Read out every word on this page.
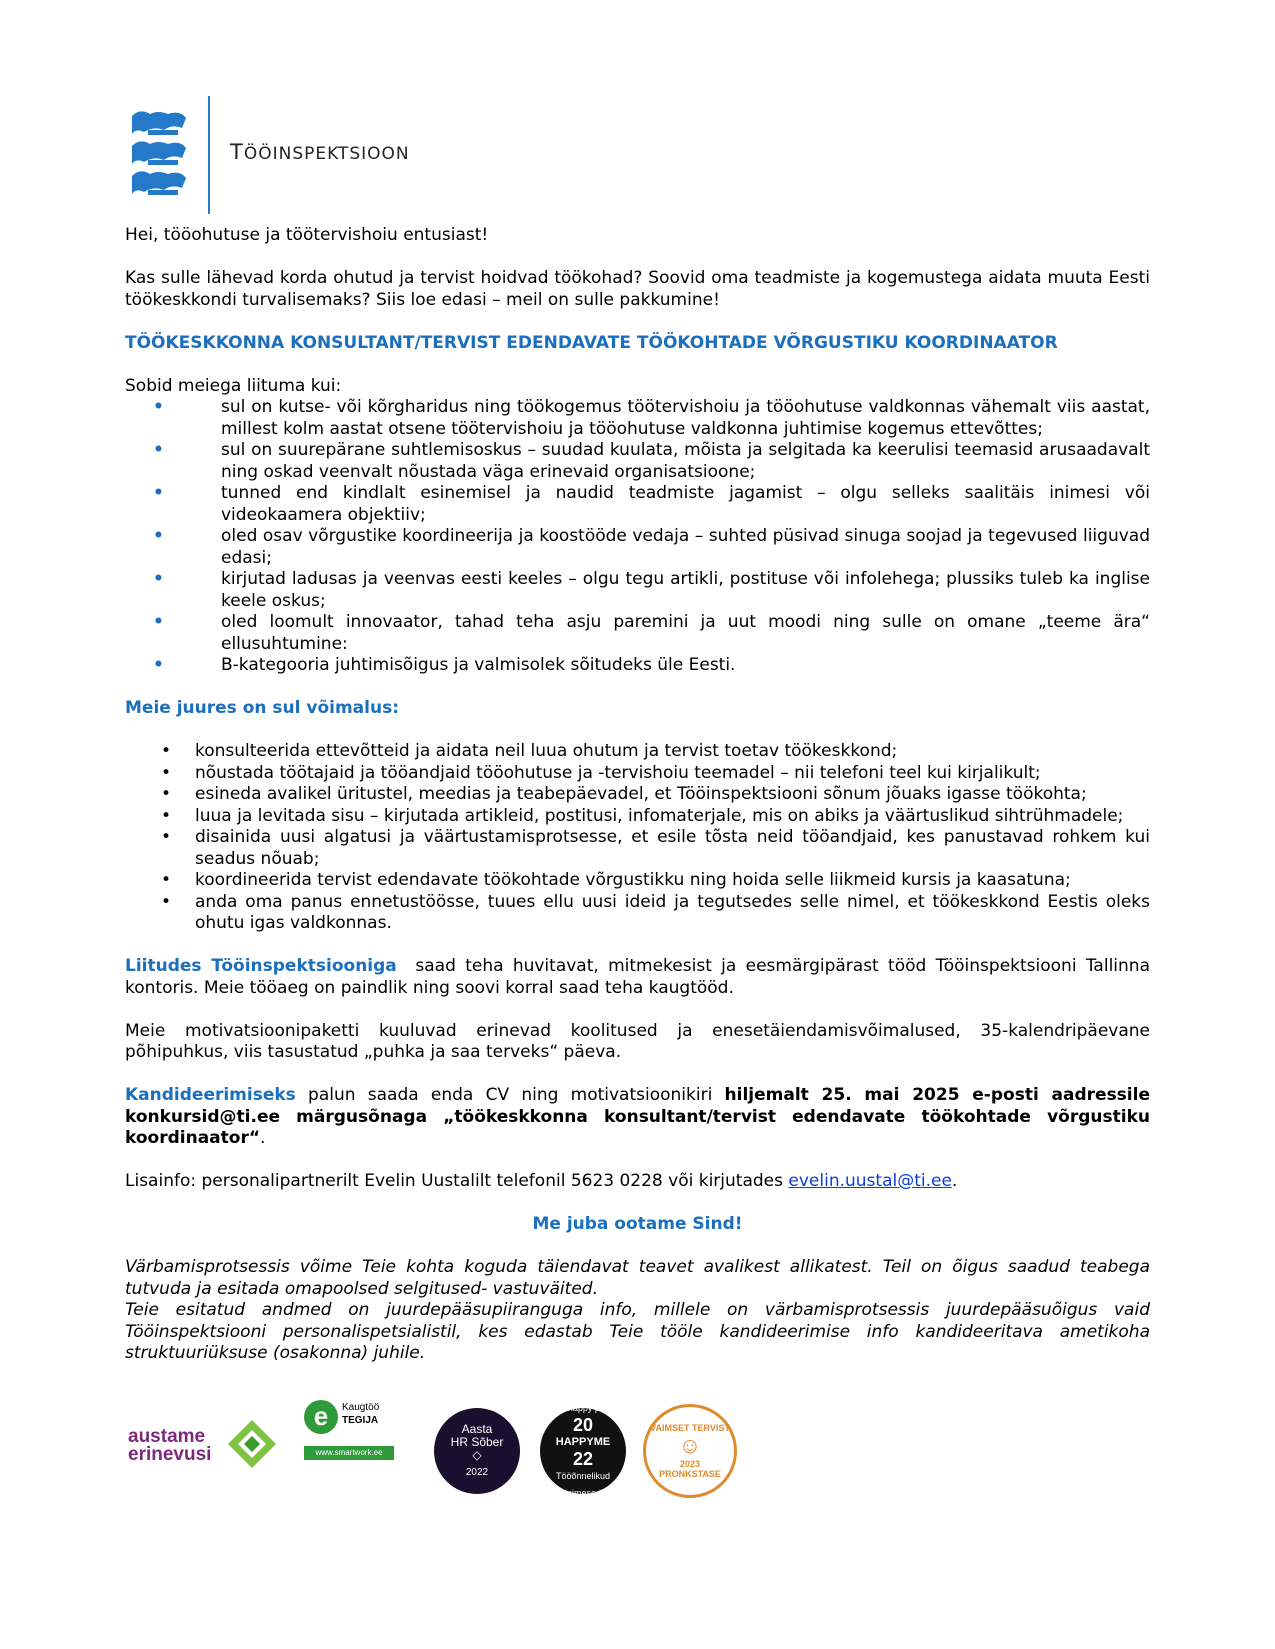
TÖÖINSPEKTSIOON

Hei, tööohutuse ja töötervishoiu entusiast!

Kas sulle lähevad korda ohutud ja tervist hoidvad töökohad? Soovid oma teadmiste ja kogemustega aidata muuta Eesti töökeskkondi turvalisemaks? Siis loe edasi – meil on sulle pakkumine!

TÖÖKESKKONNA KONSULTANT/TERVIST EDENDAVATE TÖÖKOHTADE VÕRGUSTIKU KOORDINAATOR

Sobid meiega liituma kui:

•	sul on kutse- või kõrgharidus ning töökogemus töötervishoiu ja tööohutuse valdkonnas vähemalt viis aastat, millest kolm aastat otsene töötervishoiu ja tööohutuse valdkonna juhtimise kogemus ettevõttes;
•	sul on suurepärane suhtlemisoskus – suudad kuulata, mõista ja selgitada ka keerulisi teemasid arusaadavalt ning oskad veenvalt nõustada väga erinevaid organisatsioone;
•	tunned end kindlalt esinemisel ja naudid teadmiste jagamist – olgu selleks saalitäis inimesi või videokaamera objektiiv;
•	oled osav võrgustike koordineerija ja koostööde vedaja – suhted püsivad sinuga soojad ja tegevused liiguvad edasi;
•	kirjutad ladusas ja veenvas eesti keeles – olgu tegu artikli, postituse või infolehega; plussiks tuleb ka inglise keele oskus;
•	oled loomult innovaator, tahad teha asju paremini ja uut moodi ning sulle on omane „teeme ära“ ellusuhtumine:
•	B-kategooria juhtimisõigus ja valmisolek sõitudeks üle Eesti.

Meie juures on sul võimalus:

• konsulteerida ettevõtteid ja aidata neil luua ohutum ja tervist toetav töökeskkond;
• nõustada töötajaid ja tööandjaid tööohutuse ja -tervishoiu teemadel – nii telefoni teel kui kirjalikult;
• esineda avalikel üritustel, meedias ja teabepäevadel, et Tööinspektsiooni sõnum jõuaks igasse töökohta;
• luua ja levitada sisu – kirjutada artikleid, postitusi, infomaterjale, mis on abiks ja väärtuslikud sihtrühmadele;
• disainida uusi algatusi ja väärtustamisprotsesse, et esile tõsta neid tööandjaid, kes panustavad rohkem kui seadus nõuab;
• koordineerida tervist edendavate töökohtade võrgustikku ning hoida selle liikmeid kursis ja kaasatuna;
• anda oma panus ennetustöösse, tuues ellu uusi ideid ja tegutsedes selle nimel, et töökeskkond Eestis oleks ohutu igas valdkonnas.

Liitudes Tööinspektsiooniga  saad teha huvitavat, mitmekesist ja eesmärgipärast tööd Tööinspektsiooni Tallinna kontoris. Meie tööaeg on paindlik ning soovi korral saad teha kaugtööd.

Meie motivatsioonipaketti kuuluvad erinevad koolitused ja enesetäiendamisvõimalused, 35-kalendripäevane põhipuhkus, viis tasustatud „puhka ja saa terveks“ päeva.

Kandideerimiseks palun saada enda CV ning motivatsioonikiri hiljemalt 25. mai 2025 e-posti aadressile konkursid@ti.ee märgusõnaga „töökeskkonna konsultant/tervist edendavate töökohtade võrgustiku koordinaator“.

Lisainfo: personalipartnerilt Evelin Uustalilt telefonil 5623 0228 või kirjutades evelin.uustal@ti.ee.

Me juba ootame Sind!

Värbamisprotsessis võime Teie kohta koguda täiendavat teavet avalikest allikatest. Teil on õigus saadud teabega tutvuda ja esitada omapoolsed selgitused- vastuväited.

Teie esitatud andmed on juurdepääsupiiranguga info, millele on värbamisprotsessis juurdepääsuõigus vaid Tööinspektsiooni personalispetsialistil, kes edastab Teie tööle kandideerimise info kandideeritava ametikoha struktuuriüksuse (osakonna) juhile.

austame
erinevusi
e	Kaugtöö
TEGIJA
www.smartwork.ee
Aasta
HR Sõber
◇
2022
Work-happy people
20
HAPPYME
22
Tööõnnelikud inimesed
VAIMSET TERVIST
☺
2023
PRONKSTASE
